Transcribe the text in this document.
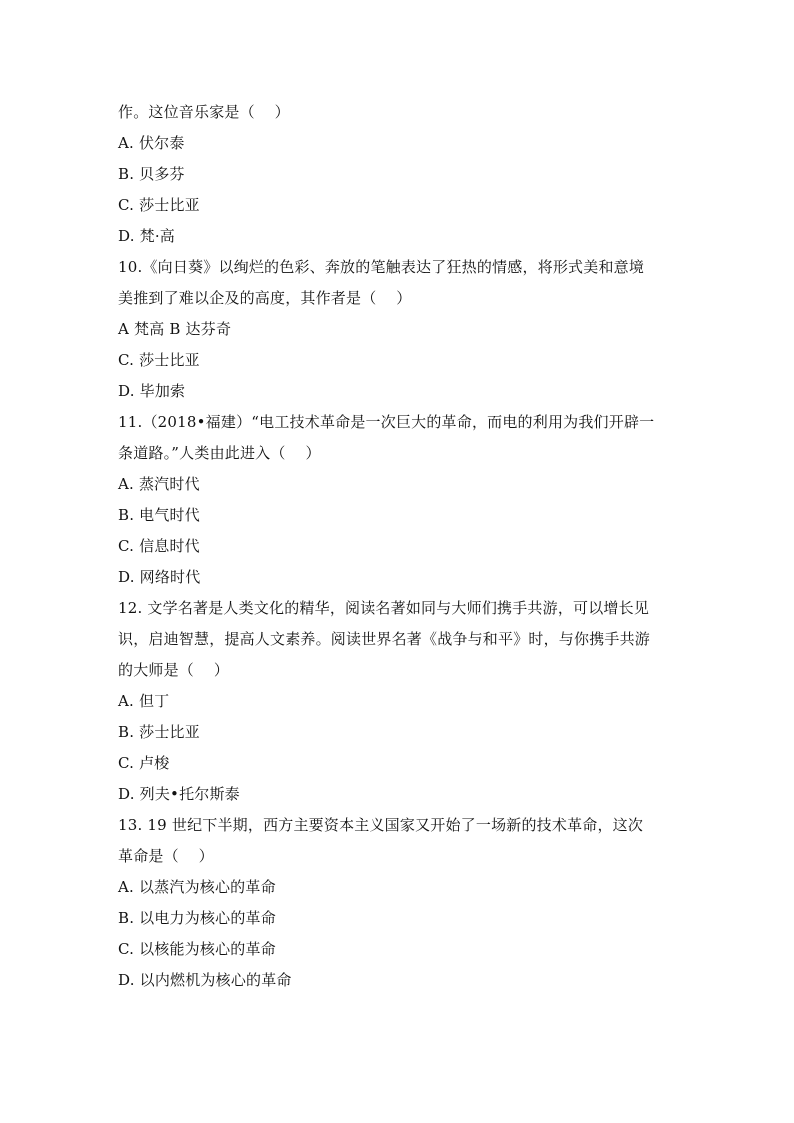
作。这位音乐家是（    ）
A. 伏尔泰
B. 贝多芬
C. 莎士比亚
D. 梵·高
10.《向日葵》以绚烂的色彩、奔放的笔触表达了狂热的情感，将形式美和意境
美推到了难以企及的高度，其作者是（    ）
A 梵高 B 达芬奇
C. 莎士比亚
D. 毕加索
11.（2018•福建）“电工技术革命是一次巨大的革命，而电的利用为我们开辟一
条道路。”人类由此进入（    ）
A. 蒸汽时代
B. 电气时代
C. 信息时代
D. 网络时代
12. 文学名著是人类文化的精华，阅读名著如同与大师们携手共游，可以增长见
识，启迪智慧，提高人文素养。阅读世界名著《战争与和平》时，与你携手共游
的大师是（    ）
A. 但丁
B. 莎士比亚
C. 卢梭
D. 列夫•托尔斯泰
13. 19 世纪下半期，西方主要资本主义国家又开始了一场新的技术革命，这次
革命是（    ）
A. 以蒸汽为核心的革命
B. 以电力为核心的革命
C. 以核能为核心的革命
D. 以内燃机为核心的革命
